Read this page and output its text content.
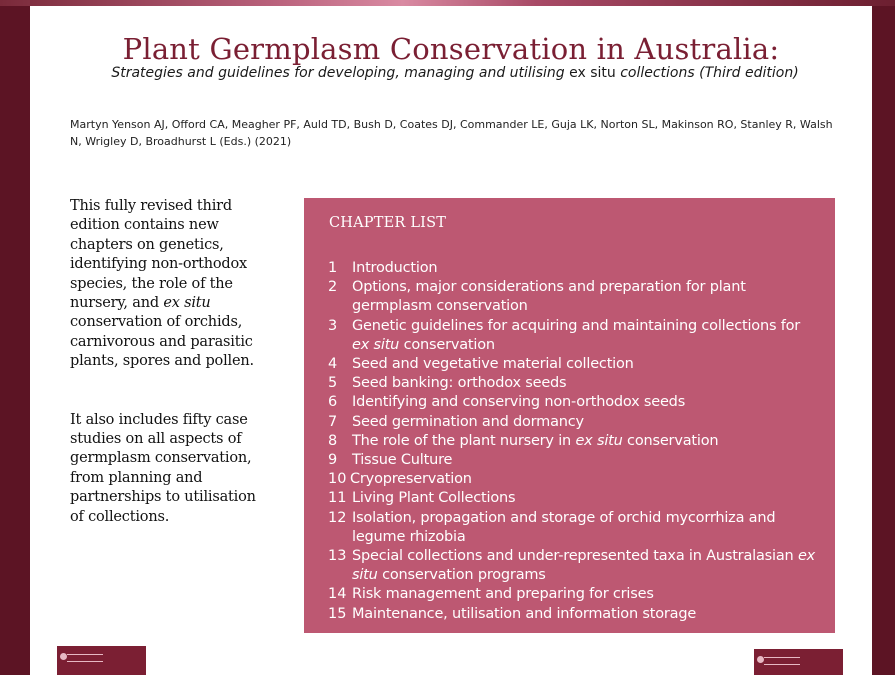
Plant Germplasm Conservation in Australia:
Strategies and guidelines for developing, managing and utilising ex situ collections (Third edition)
Martyn Yenson AJ, Offord CA, Meagher PF, Auld TD, Bush D, Coates DJ, Commander LE, Guja LK, Norton SL, Makinson RO, Stanley R, Walsh N, Wrigley D, Broadhurst L (Eds.) (2021)

This fully revised third edition contains new chapters on genetics, identifying non-orthodox species, the role of the nursery, and ex situ conservation of orchids, carnivorous and parasitic plants, spores and pollen.

It also includes fifty case studies on all aspects of germplasm conservation, from planning and partnerships to utilisation of collections.

CHAPTER LIST
1	Introduction
2	Options, major considerations and preparation for plant germplasm conservation
3	Genetic guidelines for acquiring and maintaining collections for ex situ conservation
4	Seed and vegetative material collection
5	Seed banking: orthodox seeds
6	Identifying and conserving non-orthodox seeds
7	Seed germination and dormancy
8	The role of the plant nursery in ex situ conservation
9	Tissue Culture
10 Cryopreservation
11 Living Plant Collections
12 Isolation, propagation and storage of orchid mycorrhiza and legume rhizobia
13 Special collections and under-represented taxa in Australasian ex situ conservation programs
14 Risk management and preparing for crises
15 Maintenance, utilisation and information storage
